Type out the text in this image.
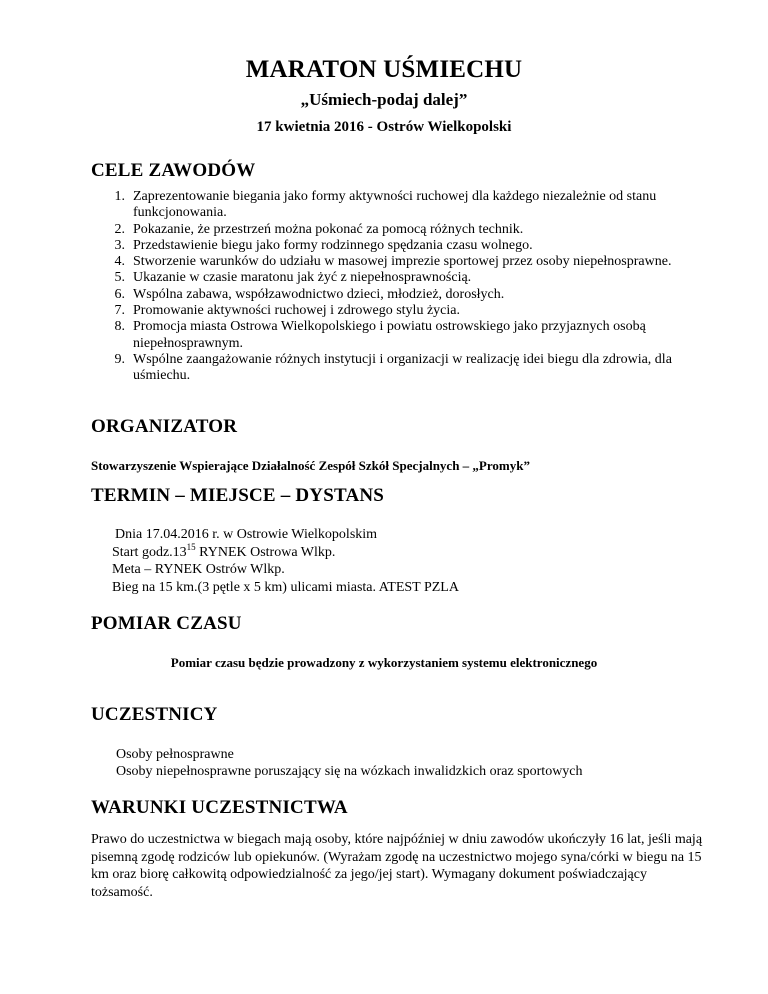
MARATON UŚMIECHU
„Uśmiech-podaj dalej”
17 kwietnia 2016 - Ostrów Wielkopolski
CELE ZAWODÓW
1. Zaprezentowanie biegania jako formy aktywności ruchowej dla każdego niezależnie od stanu funkcjonowania.
2. Pokazanie, że przestrzeń można pokonać za pomocą różnych technik.
3. Przedstawienie biegu jako formy rodzinnego spędzania czasu wolnego.
4. Stworzenie warunków do udziału w masowej imprezie sportowej przez osoby niepełnosprawne.
5. Ukazanie w czasie maratonu jak żyć z niepełnosprawnością.
6. Wspólna zabawa, współzawodnictwo dzieci, młodzież, dorosłych.
7. Promowanie aktywności ruchowej i zdrowego stylu życia.
8. Promocja miasta Ostrowa Wielkopolskiego i powiatu ostrowskiego jako przyjaznych osobą niepełnosprawnym.
9. Wspólne zaangażowanie różnych instytucji i organizacji w realizację idei biegu dla zdrowia, dla uśmiechu.
ORGANIZATOR
Stowarzyszenie Wspierające Działalność Zespół Szkół Specjalnych – „Promyk”
TERMIN – MIEJSCE – DYSTANS
Dnia 17.04.2016 r. w Ostrowie Wielkopolskim
Start $godz.13^{15}$ RYNEK Ostrowa Wlkp.
Meta – RYNEK Ostrów Wlkp.
Bieg na 15 km.(3 pętle x 5 km) ulicami miasta. ATEST PZLA
POMIAR CZASU
Pomiar czasu będzie prowadzony z wykorzystaniem systemu elektronicznego
UCZESTNICY
Osoby pełnosprawne
Osoby niepełnosprawne poruszający się na wózkach inwalidzkich oraz sportowych
WARUNKI UCZESTNICTWA
Prawo do uczestnictwa w biegach mają osoby, które najpóźniej w dniu zawodów ukończyły 16 lat, jeśli mają pisemną zgodę rodziców lub opiekunów. (Wyrażam zgodę na uczestnictwo mojego syna/córki w biegu na 15 km oraz biorę całkowitą odpowiedzialność za jego/jej start). Wymagany dokument poświadczający tożsamość.
